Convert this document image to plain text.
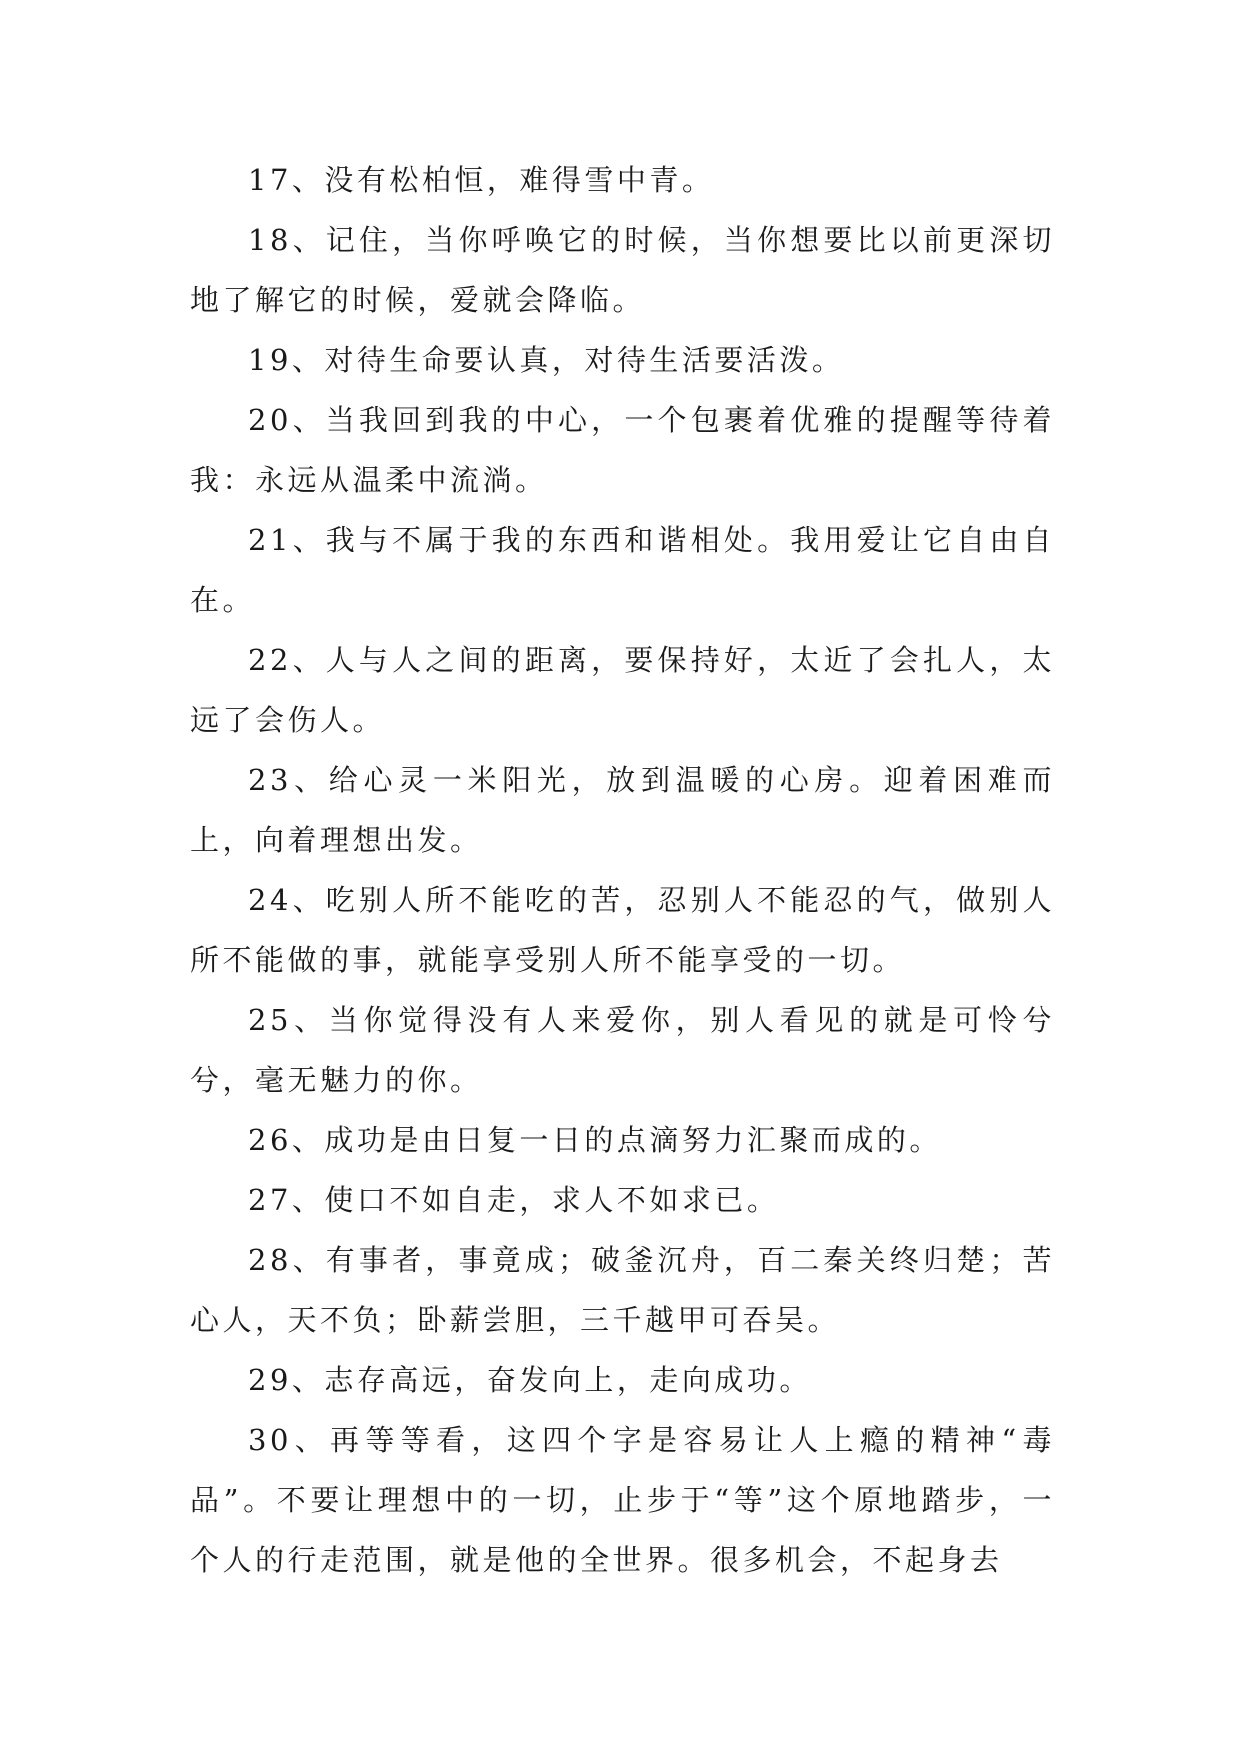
17、没有松柏恒，难得雪中青。

18、记住，当你呼唤它的时候，当你想要比以前更深切地了解它的时候，爱就会降临。

19、对待生命要认真，对待生活要活泼。

20、当我回到我的中心，一个包裹着优雅的提醒等待着我：永远从温柔中流淌。

21、我与不属于我的东西和谐相处。我用爱让它自由自在。

22、人与人之间的距离，要保持好，太近了会扎人，太远了会伤人。

23、给心灵一米阳光，放到温暖的心房。迎着困难而上，向着理想出发。

24、吃别人所不能吃的苦，忍别人不能忍的气，做别人所不能做的事，就能享受别人所不能享受的一切。

25、当你觉得没有人来爱你，别人看见的就是可怜兮兮，毫无魅力的你。

26、成功是由日复一日的点滴努力汇聚而成的。

27、使口不如自走，求人不如求已。

28、有事者，事竟成；破釜沉舟，百二秦关终归楚；苦心人，天不负；卧薪尝胆，三千越甲可吞吴。

29、志存高远，奋发向上，走向成功。

30、再等等看，这四个字是容易让人上瘾的精神“毒品”。不要让理想中的一切，止步于“等”这个原地踏步，一个人的行走范围，就是他的全世界。很多机会，不起身去
